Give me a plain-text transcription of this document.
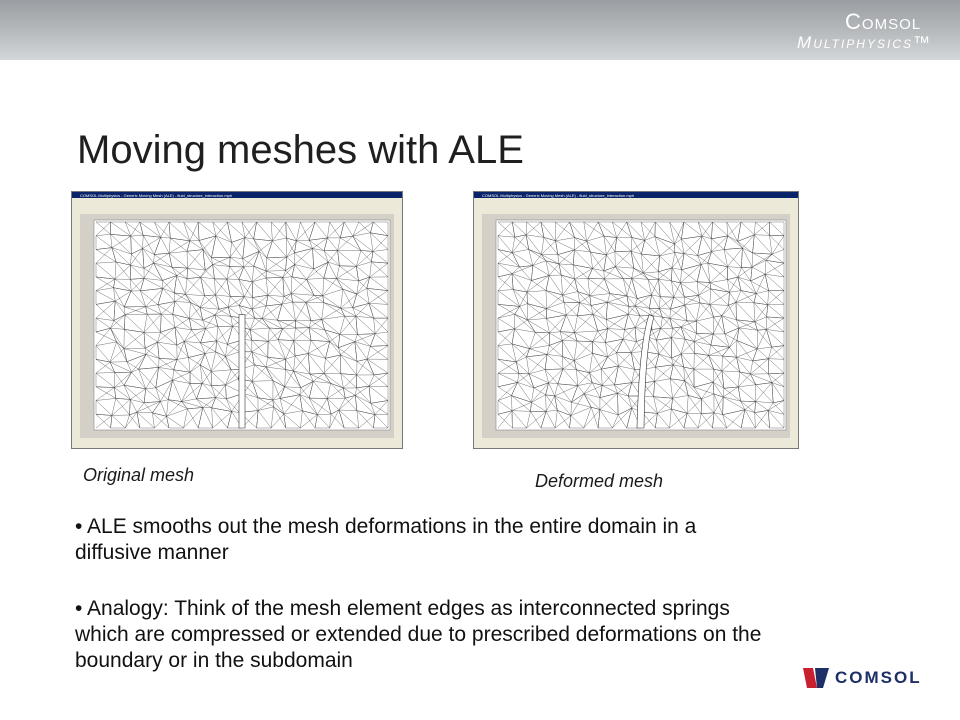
Comsol
Multiphysics™
Moving meshes with ALE
COMSOL Multiphysics - Generic Moving Mesh (ALE) - fluid_structure_interaction.mph	COMSOL Multiphysics - Generic Moving Mesh (ALE) - fluid_structure_interaction.mph
Original mesh	Deformed mesh
• ALE smooths out the mesh deformations in the entire domain in a diffusive manner
• Analogy: Think of the mesh element edges as interconnected springs which are compressed or extended due to prescribed deformations on the boundary or in the subdomain
COMSOL
